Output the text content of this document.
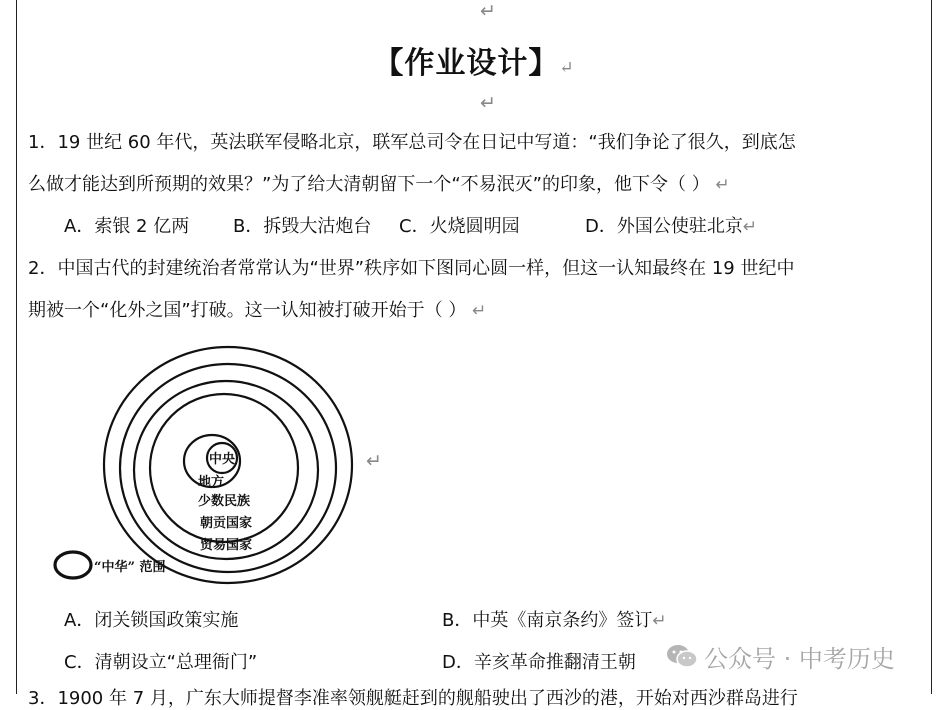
↵
【作业设计】↵
↵
1．19 世纪 60 年代，英法联军侵略北京，联军总司令在日记中写道：“我们争论了很久，到底怎
么做才能达到所预期的效果？”为了给大清朝留下一个“不易泯灭”的印象，他下令（ ） ↵
A．索银 2 亿两 B．拆毁大沽炮台 C．火烧圆明园	D．外国公使驻北京↵
2．中国古代的封建统治者常常认为“世界”秩序如下图同心圆一样，但这一认知最终在 19 世纪中
期被一个“化外之国”打破。这一认知被打破开始于（ ） ↵
中央
地方
少数民族
朝贡国家
贸易国家
“中华” 范围
↵
A．闭关锁国政策实施	B．中英《南京条约》签订↵
C．清朝设立“总理衙门”	D．辛亥革命推翻清王朝
3．1900 年 7 月，广东大师提督李准率领舰艇赶到的舰船驶出了西沙的港，开始对西沙群岛进行
公众号 · 中考历史
